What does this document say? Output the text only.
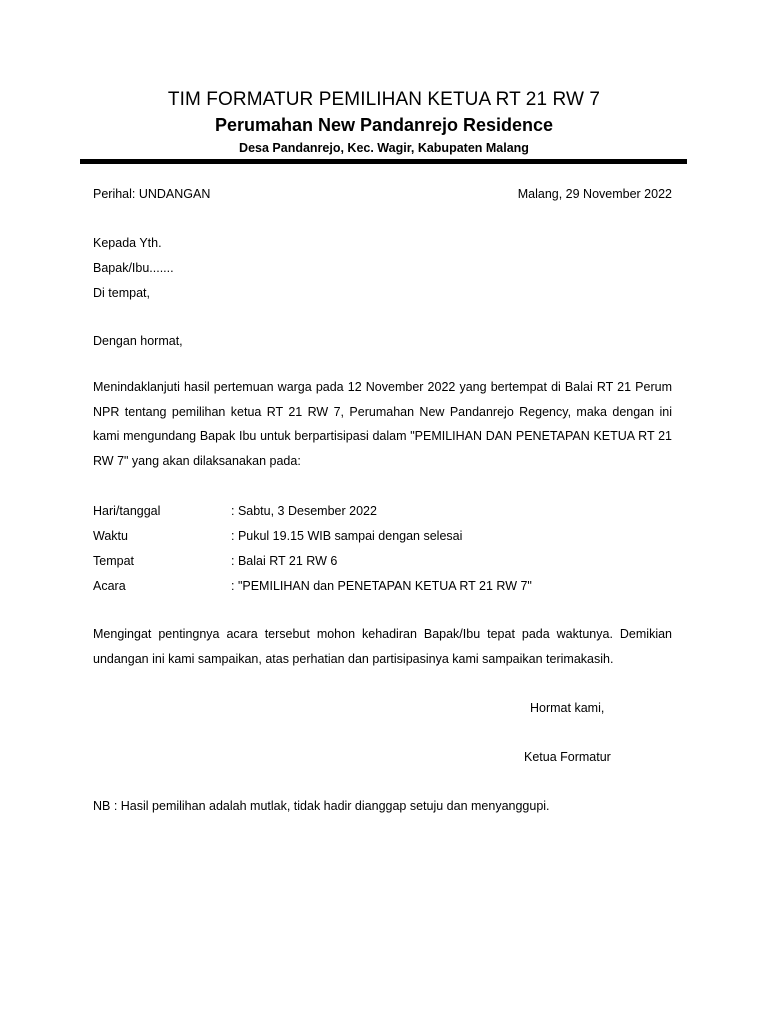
TIM FORMATUR PEMILIHAN KETUA RT 21 RW 7
Perumahan New Pandanrejo Residence
Desa Pandanrejo, Kec. Wagir, Kabupaten Malang
Perihal: UNDANGAN	Malang, 29 November 2022
Kepada Yth.
Bapak/Ibu.......
Di tempat,
Dengan hormat,
Menindaklanjuti hasil pertemuan warga pada 12 November 2022 yang bertempat di Balai RT 21 Perum NPR tentang pemilihan ketua RT 21 RW 7, Perumahan New Pandanrejo Regency, maka dengan ini kami mengundang Bapak Ibu untuk berpartisipasi dalam "PEMILIHAN DAN PENETAPAN KETUA RT 21 RW 7" yang akan dilaksanakan pada:
Hari/tanggal	: Sabtu, 3 Desember 2022
Waktu	: Pukul 19.15 WIB sampai dengan selesai
Tempat	: Balai RT 21 RW 6
Acara	: "PEMILIHAN dan PENETAPAN KETUA RT 21 RW 7"
Mengingat pentingnya acara tersebut mohon kehadiran Bapak/Ibu tepat pada waktunya. Demikian undangan ini kami sampaikan, atas perhatian dan partisipasinya kami sampaikan terimakasih.
Hormat kami,
Ketua Formatur
NB : Hasil pemilihan adalah mutlak, tidak hadir dianggap setuju dan menyanggupi.
